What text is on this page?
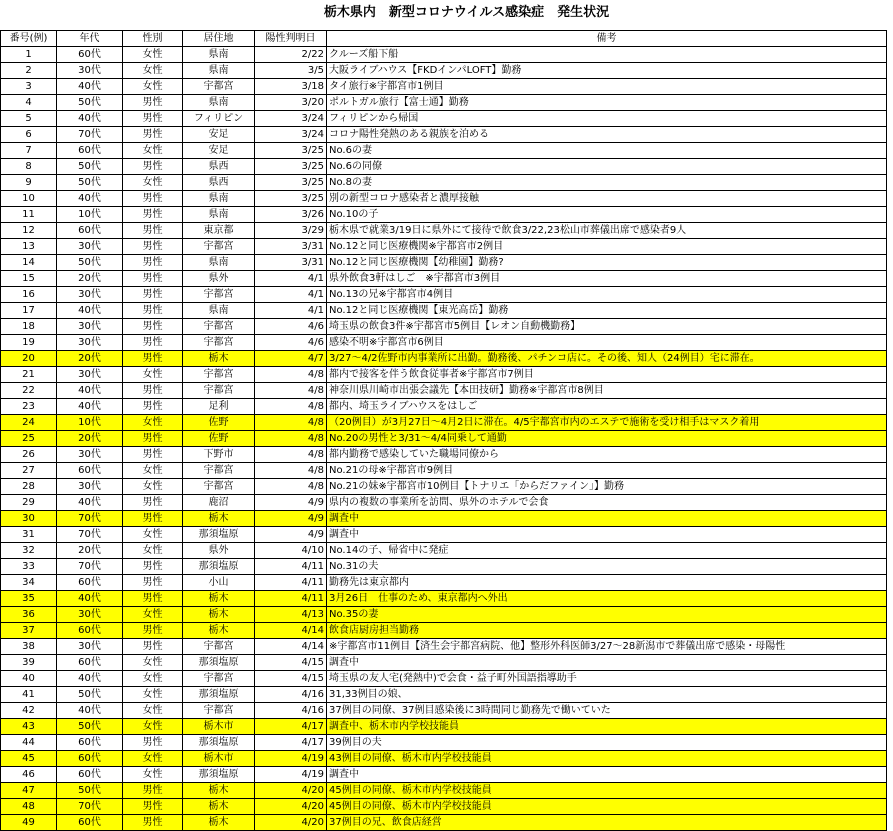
栃木県内　新型コロナウイルス感染症　発生状況
番号(例)	年代	性別	居住地	陽性判明日	備考
1	60代	女性	県南	2/22	クルーズ船下船
2	30代	女性	県南	3/5	大阪ライブハウス【FKDインパLOFT】勤務
3	40代	女性	宇都宮	3/18	タイ旅行※宇都宮市1例目
4	50代	男性	県南	3/20	ポルトガル旅行【富士通】勤務
5	40代	男性	フィリピン	3/24	フィリピンから帰国
6	70代	男性	安足	3/24	コロナ陽性発熱のある親族を泊める
7	60代	女性	安足	3/25	No.6の妻
8	50代	男性	県西	3/25	No.6の同僚
9	50代	女性	県西	3/25	No.8の妻
10	40代	男性	県南	3/25	別の新型コロナ感染者と濃厚接触
11	10代	男性	県南	3/26	No.10の子
12	60代	男性	東京都	3/29	栃木県で就業3/19日に県外にて接待で飲食3/22,23松山市葬儀出席で感染者9人
13	30代	男性	宇都宮	3/31	No.12と同じ医療機関※宇都宮市2例目
14	50代	男性	県南	3/31	No.12と同じ医療機関【幼稚園】勤務?
15	20代	男性	県外	4/1	県外飲食3軒はしご　※宇都宮市3例目
16	30代	男性	宇都宮	4/1	No.13の兄※宇都宮市4例目
17	40代	男性	県南	4/1	No.12と同じ医療機関【東光高岳】勤務
18	30代	男性	宇都宮	4/6	埼玉県の飲食3件※宇都宮市5例目【レオン自動機勤務】
19	30代	男性	宇都宮	4/6	感染不明※宇都宮市6例目
20	20代	男性	栃木	4/7	3/27～4/2佐野市内事業所に出勤。勤務後、パチンコ店に。その後、知人（24例目）宅に滞在。
21	30代	女性	宇都宮	4/8	都内で接客を伴う飲食従事者※宇都宮市7例目
22	40代	男性	宇都宮	4/8	神奈川県川崎市出張会議先【本田技研】勤務※宇都宮市8例目
23	40代	男性	足利	4/8	都内、埼玉ライブハウスをはしご
24	10代	女性	佐野	4/8	（20例目）が3月27日～4月2日に滞在。4/5宇都宮市内のエステで施術を受け相手はマスク着用
25	20代	男性	佐野	4/8	No.20の男性と3/31～4/4同乗して通勤
26	30代	男性	下野市	4/8	都内勤務で感染していた職場同僚から
27	60代	女性	宇都宮	4/8	No.21の母※宇都宮市9例目
28	30代	女性	宇都宮	4/8	No.21の妹※宇都宮市10例目【トナリエ「からだファイン」】勤務
29	40代	男性	鹿沼	4/9	県内の複数の事業所を訪問、県外のホテルで会食
30	70代	男性	栃木	4/9	調査中
31	70代	女性	那須塩原	4/9	調査中
32	20代	女性	県外	4/10	No.14の子、帰省中に発症
33	70代	男性	那須塩原	4/11	No.31の夫
34	60代	男性	小山	4/11	勤務先は東京都内
35	40代	男性	栃木	4/11	3月26日　仕事のため、東京都内へ外出
36	30代	女性	栃木	4/13	No.35の妻
37	60代	男性	栃木	4/14	飲食店厨房担当勤務
38	30代	男性	宇都宮	4/14	※宇都宮市11例目【済生会宇都宮病院、他】整形外科医師3/27～28新潟市で葬儀出席で感染・母陽性
39	60代	女性	那須塩原	4/15	調査中
40	40代	女性	宇都宮	4/15	埼玉県の友人宅(発熱中)で会食・益子町外国語指導助手
41	50代	女性	那須塩原	4/16	31,33例目の娘、
42	40代	女性	宇都宮	4/16	37例目の同僚、37例目感染後に3時間同じ勤務先で働いていた
43	50代	女性	栃木市	4/17	調査中、栃木市内学校技能員
44	60代	男性	那須塩原	4/17	39例目の夫
45	60代	女性	栃木市	4/19	43例目の同僚、栃木市内学校技能員
46	60代	女性	那須塩原	4/19	調査中
47	50代	男性	栃木	4/20	45例目の同僚、栃木市内学校技能員
48	70代	男性	栃木	4/20	45例目の同僚、栃木市内学校技能員
49	60代	男性	栃木	4/20	37例目の兄、飲食店経営
